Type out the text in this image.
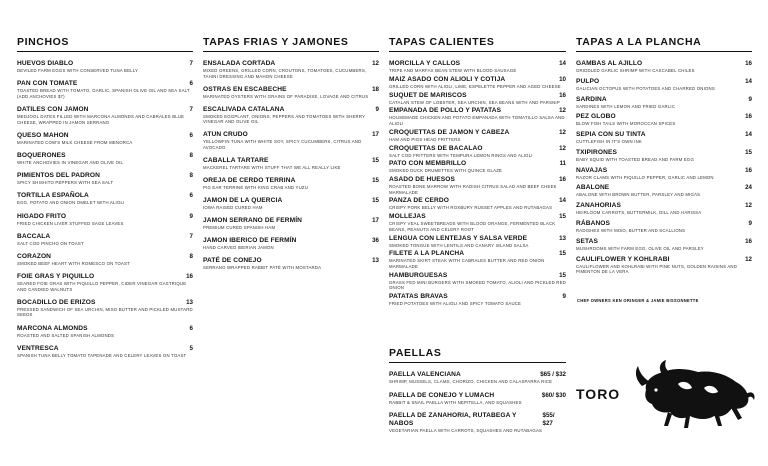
PINCHOS
HUEVOS DIABLO	7
DEVILED FARM EGGS WITH CONSERVED TUNA BELLY
PAN CON TOMATE	6
TOASTED BREAD WITH TOMATO, GARLIC, SPANISH OLIVE OIL AND SEA SALT (ADD ANCHOVIES $7)
DATILES CON JAMON	7
MEDJOOL DATES FILLED WITH MARCONA ALMONDS AND CABRALES BLUE CHEESE, WRAPPED IN JAMON SERRANO
QUESO MAHON	6
MARINATED COW'S MILK CHEESE FROM MENORCA
BOQUERONES	8
WHITE ANCHOVIES IN VINEGAR AND OLIVE OIL
PIMIENTOS DEL PADRON	8
SPICY SHISHITO PEPPERS WITH SEA SALT
TORTILLA ESPAÑOLA	6
EGG, POTATO AND ONION OMELET WITH ALIOLI
HIGADO FRITO	9
FRIED CHICKEN LIVER STUFFED SAGE LEAVES
BACCALA	7
SALT COD PINCHO ON TOAST
CORAZON	8
SMOKED BEEF HEART WITH ROMESCO ON TOAST
FOIE GRAS Y PIQUILLO	16
SEARED FOIE GRAS WITH PIQUILLO PEPPER, CIDER VINEGAR GASTRIQUE AND CANDIED WALNUTS
BOCADILLO DE ERIZOS	13
PRESSED SANDWICH OF SEA URCHIN, MISO BUTTER AND PICKLED MUSTARD SEEDS
MARCONA ALMONDS	6
ROASTED AND SALTED SPANISH ALMONDS
VENTRESCA	5
SPANISH TUNA BELLY TOMATO TAPENADE AND CELERY LEAVES ON TOAST
TAPAS FRIAS Y JAMONES
ENSALADA CORTADA	12
MIXED GREENS, GRILLED CORN, CROUTONS, TOMATOES, CUCUMBERS, TAHINI DRESSING AND MAHON CHEESE
OSTRAS EN ESCABECHE	18
MARINATED OYSTERS WITH GRAINS OF PARADISE, LOVAGE AND CITRUS
ESCALIVADA CATALANA	9
SMOKED EGGPLANT, ONIONS, PEPPERS AND TOMATOES WITH SHERRY VINEGAR AND OLIVE OIL
ATUN CRUDO	17
YELLOWFIN TUNA WITH WHITE SOY, SPICY CUCUMBERS, CITRUS AND AVOCADO
CABALLA TARTARE	15
MACKEREL TARTARE WITH STUFF THAT WE ALL REALLY LIKE
OREJA DE CERDO TERRINA	15
PIG EAR TERRINE WITH KING CRAB AND YUZU
JAMON DE LA QUERCIA	15
IOWA RAISED CURED HAM
JAMON SERRANO DE FERMÍN	17
PREMIUM CURED SPANISH HAM
JAMON IBERICO DE FERMÍN	36
HAND CARVED IBERIAN JAMON
PATÉ DE CONEJO	13
SERRANO WRAPPED RABBIT PATÉ WITH MOSTARDA
TAPAS CALIENTES
MORCILLA Y CALLOS	14
TRIPE AND MARFAX BEAN STEW WITH BLOOD SAUSAGE
MAIZ ASADO CON ALIOLI Y COTIJA	10
GRILLED CORN WITH ALIOLI, LIME, ESPELETTE PEPPER AND AGED CHEESE
SUQUET DE MARISCOS	16
CATALAN STEW OF LOBSTER, SEA URCHIN, SEA BEANS WITH AND PARSNIP
EMPANADA DE POLLO Y PATATAS	12
HOUSEMADE CHICKEN AND POTATO EMPANADA WITH TOMATILLO SALSA AND ALIOLI
CROQUETTAS DE JAMON Y CABEZA	12
HAM AND PIGS HEAD FRITTERS
CROQUETTAS DE BACALAO	12
SALT COD FRITTERS WITH TEMPURA LEMON RINGS AND ALIOLI
PATO CON MEMBRILLO	11
SMOKED DUCK DRUMETTES WITH QUINCE GLAZE
ASADO DE HUESOS	16
ROASTED BONE MARROW WITH RADISH CITRUS SALAD AND BEEF CHEEK MARMALADE
PANZA DE CERDO	14
CRISPY PORK BELLY WITH ROXBURY RUSSET APPLES AND RUTABAGAS
MOLLEJAS	15
CRISPY VEAL SWEETBREADS WITH BLOOD ORANGE, FERMENTED BLACK BEANS, PEANUTS AND CELERY ROOT
LENGUA CON LENTEJAS Y SALSA VERDE	13
SMOKED TONGUE WITH LENTILS AND CANARY ISLAND SALSA
FILETE A LA PLANCHA	15
MARINATED SKIRT STEAK WITH CABRALES BUTTER AND RED ONION MARMALADE
HAMBURGUESAS	15
GRASS FED MINI BURGERS WITH SMOKED TOMATO, ALIOLI AND PICKLED RED ONION
PATATAS BRAVAS	9
FRIED POTATOES WITH ALIOLI AND SPICY TOMATO SAUCE
TAPAS A LA PLANCHA
GAMBAS AL AJILLO	16
GRIDDLED GARLIC SHRIMP WITH CASCABEL CHILES
PULPO	14
GALICIAN OCTOPUS WITH POTATOES AND CHARRED ONIONS
SARDINA	9
SARDINES WITH LEMON AND FRIED GARLIC
PEZ GLOBO	16
BLOW FISH TAILS WITH MOROCCAN SPICES
SEPIA CON SU TINTA	14
CUTTLEFISH IN IT'S OWN INK
TXIPIRONES	15
BABY SQUID WITH TOASTED BREAD AND FARM EGG
NAVAJAS	16
RAZOR CLAMS WITH PIQUILLO PEPPER, GARLIC AND LEMON
ABALONE	24
ABALONE WITH BROWN BUTTER, PARSLEY AND MIGAS
ZANAHORIAS	12
HEIRLOOM CARROTS, BUTTERMILK, DILL AND HARISSA
RÁBANOS	9
RADISHES WITH MISO, BUTTER AND SCALLIONS
SETAS	16
MUSHROOMS WITH FARM EGG, OLIVE OIL AND PARSLEY
CAULIFLOWER Y KOHLRABI	12
CAULIFLOWER AND KOHLRABI WITH PINE NUTS, GOLDEN RAISINS AND PIMENTON DE LA VERA
PAELLAS
PAELLA VALENCIANA	$65 / $32
SHRIMP, MUSSELS, CLAMS, CHORIZO, CHICKEN AND CALASPARRA RICE
PAELLA DE CONEJO Y LUMACH	$60/ $30
RABBIT & SNAIL PAELLA WITH NEPITELLA, AND SQUASHES
PAELLA DE ZANAHORIA, RUTABEGA Y NABOS
$55/ $27
VEGETARIAN PAELLA WITH CARROTS, SQUASHES AND RUTABAGAS
CHEF OWNERS KEN ORINGER & JAMIE BISSONNETTE
TORO
